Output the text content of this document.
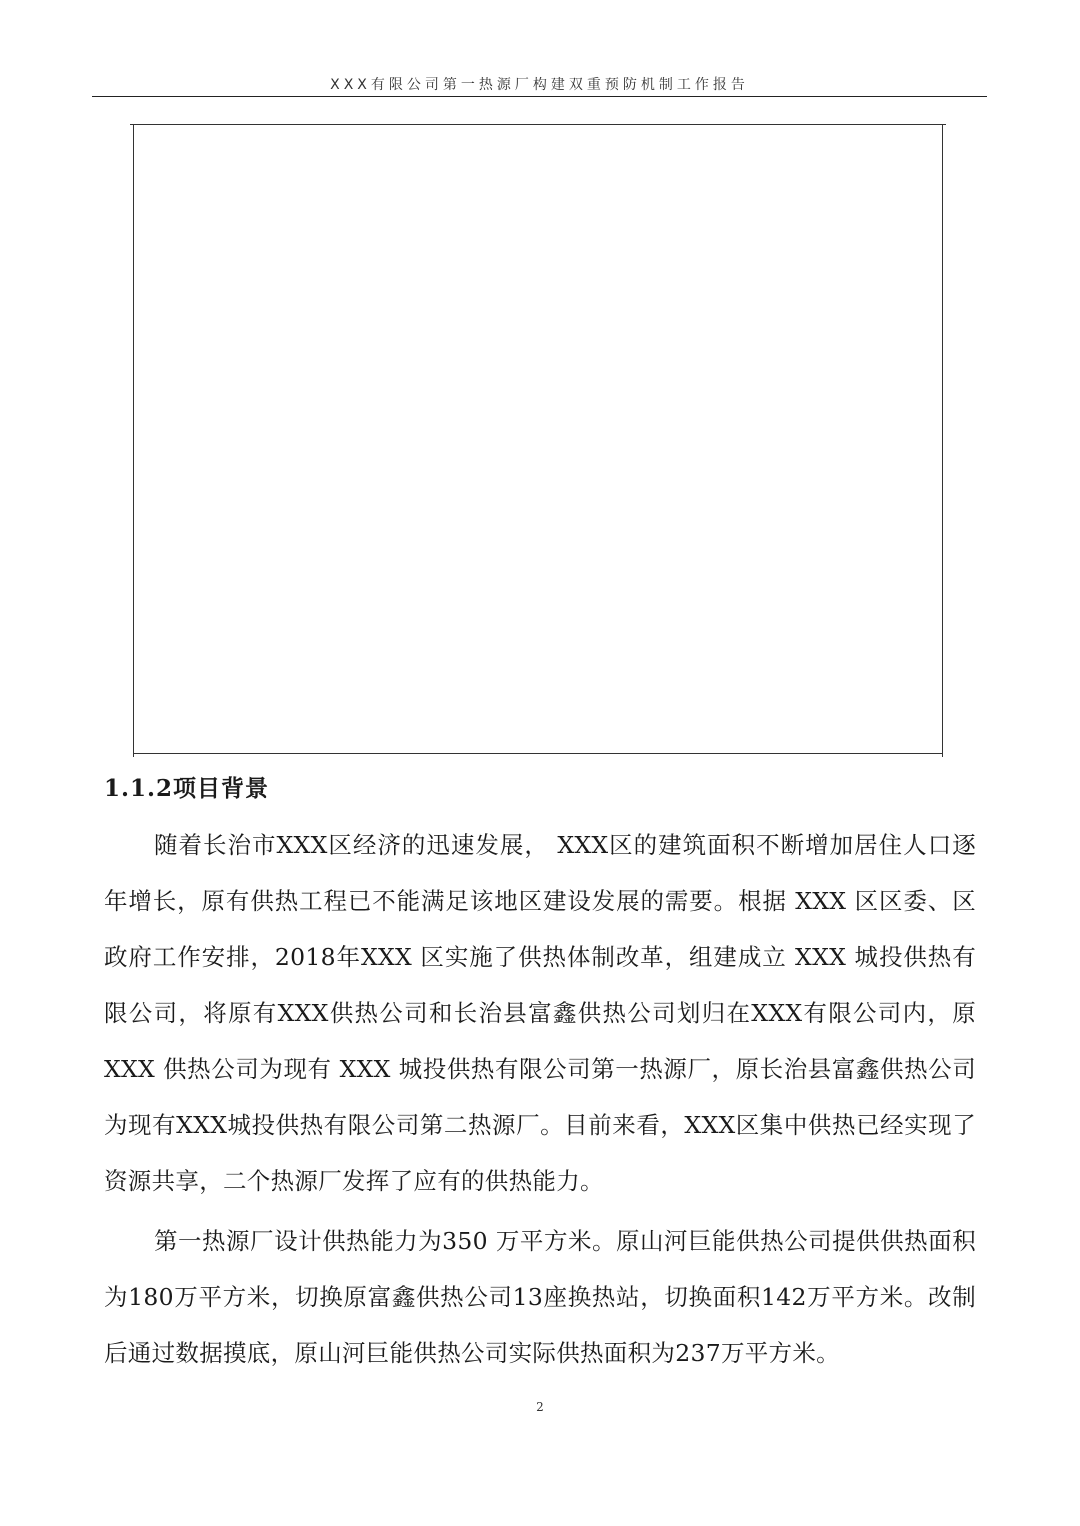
XXX有限公司第一热源厂构建双重预防机制工作报告
1.1.2项目背景

随着长治市XXX区经济的迅速发展， XXX区的建筑面积不断增加居住人口逐年增长，原有供热工程已不能满足该地区建设发展的需要。根据 XXX 区区委、区政府工作安排，2018年XXX 区实施了供热体制改革，组建成立 XXX 城投供热有限公司，将原有XXX供热公司和长治县富鑫供热公司划归在XXX有限公司内，原 XXX 供热公司为现有 XXX 城投供热有限公司第一热源厂，原长治县富鑫供热公司为现有XXX城投供热有限公司第二热源厂。目前来看，XXX区集中供热已经实现了资源共享，二个热源厂发挥了应有的供热能力。

第一热源厂设计供热能力为350 万平方米。原山河巨能供热公司提供供热面积为180万平方米，切换原富鑫供热公司13座换热站，切换面积142万平方米。改制后通过数据摸底，原山河巨能供热公司实际供热面积为237万平方米。

2
